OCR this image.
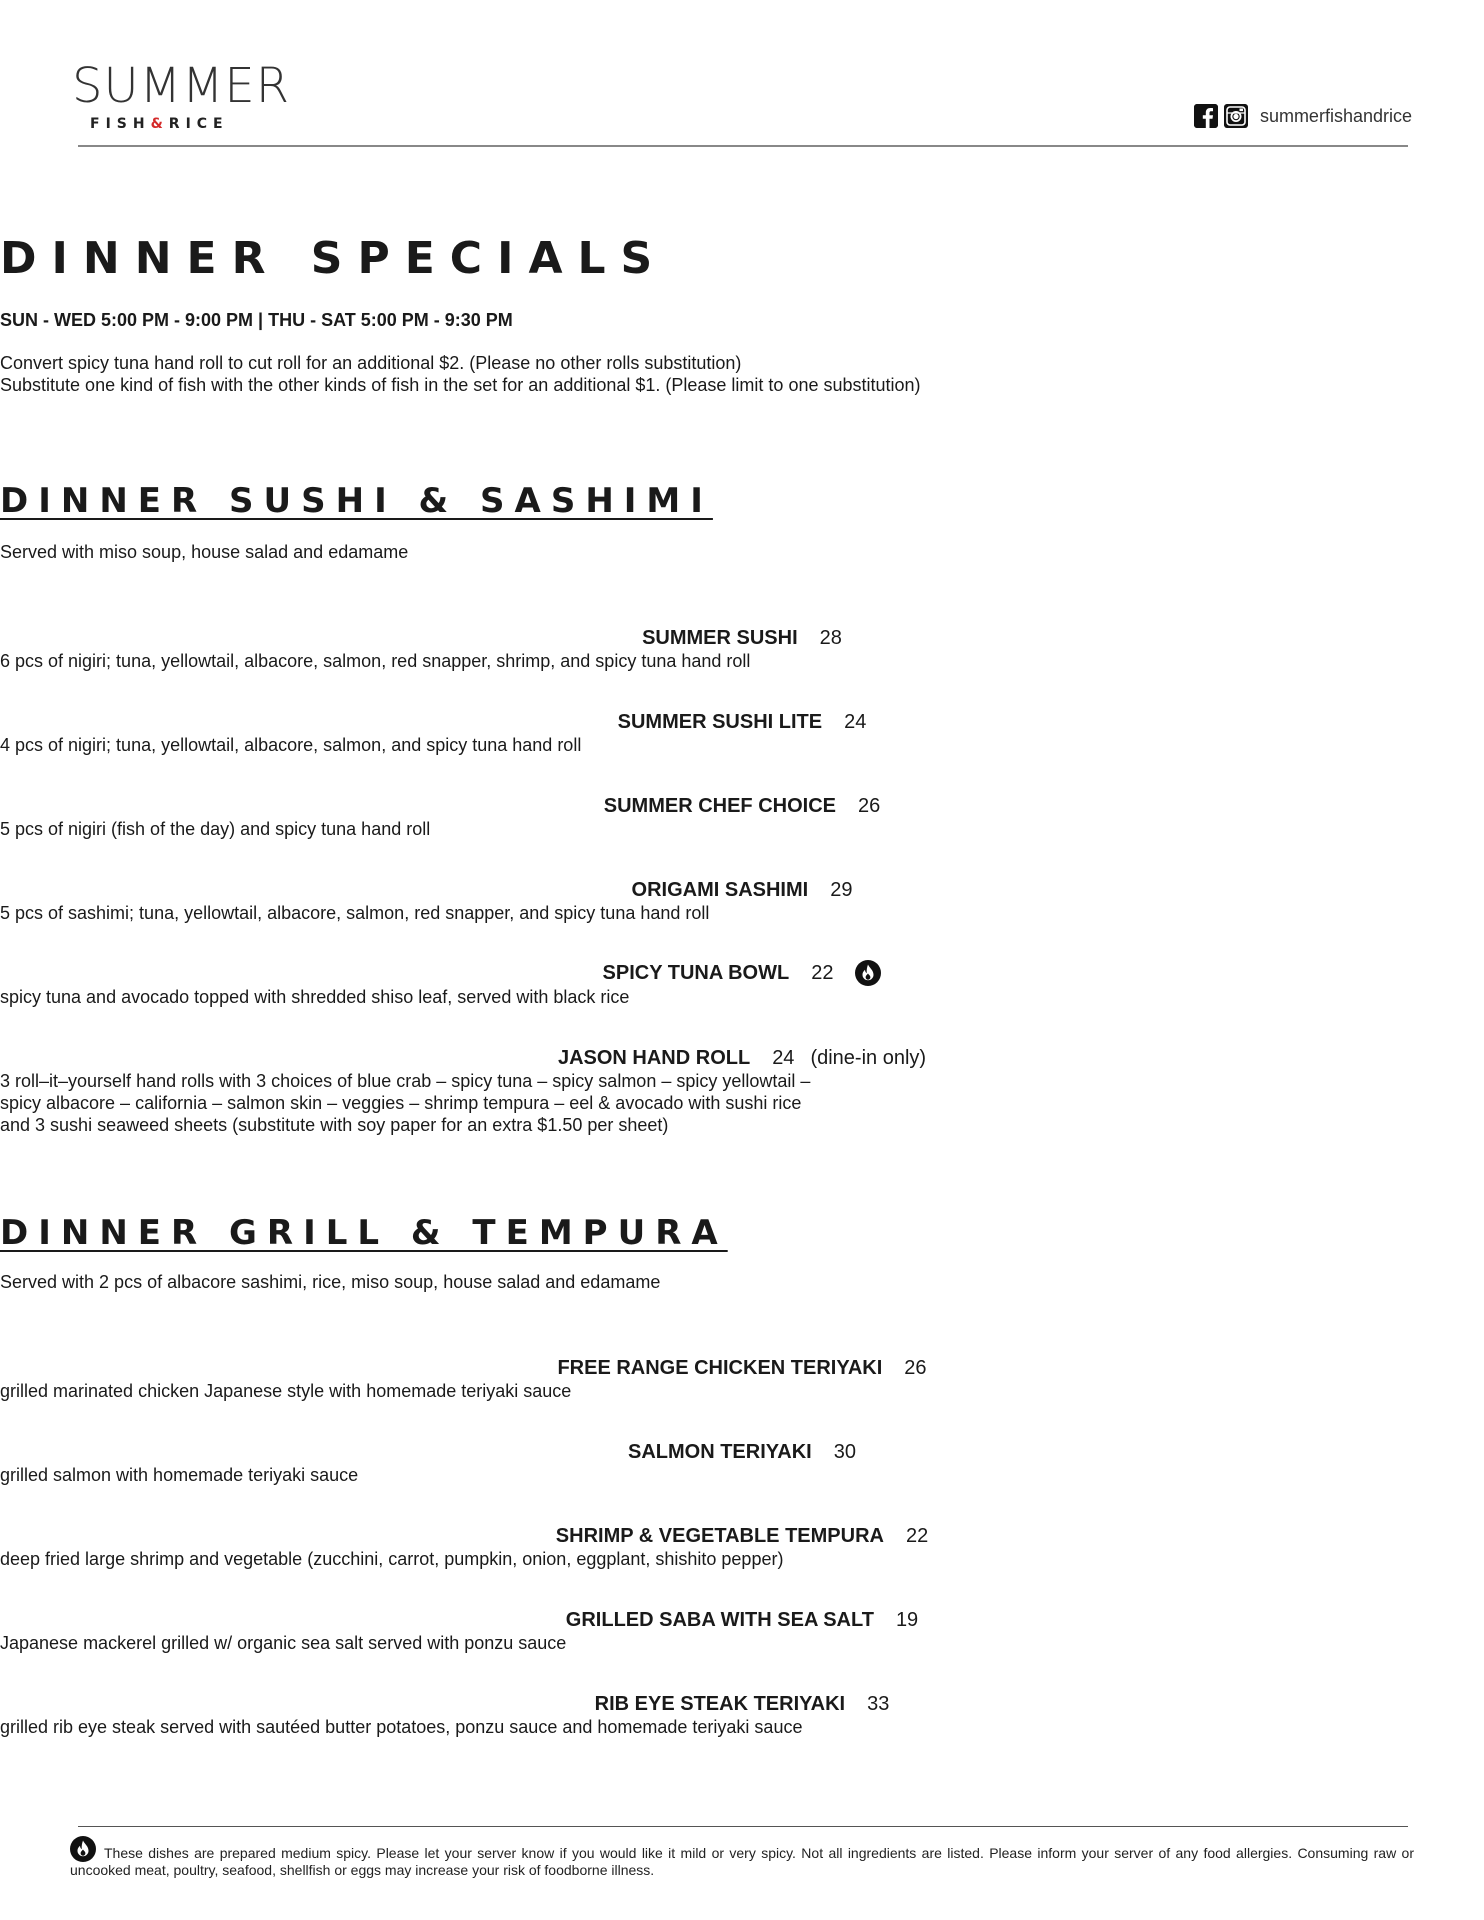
SUMMER
FISH&RICE	summerfishandrice
DINNER SPECIALS
SUN - WED 5:00 PM - 9:00 PM | THU - SAT 5:00 PM - 9:30 PM
Convert spicy tuna hand roll to cut roll for an additional $2. (Please no other rolls substitution)
Substitute one kind of fish with the other kinds of fish in the set for an additional $1. (Please limit to one substitution)
DINNER SUSHI & SASHIMI
Served with miso soup, house salad and edamame
SUMMER SUSHI 28
6 pcs of nigiri; tuna, yellowtail, albacore, salmon, red snapper, shrimp, and spicy tuna hand roll
SUMMER SUSHI LITE 24
4 pcs of nigiri; tuna, yellowtail, albacore, salmon, and spicy tuna hand roll
SUMMER CHEF CHOICE 26
5 pcs of nigiri (fish of the day) and spicy tuna hand roll
ORIGAMI SASHIMI 29
5 pcs of sashimi; tuna, yellowtail, albacore, salmon, red snapper, and spicy tuna hand roll
SPICY TUNA BOWL 22
spicy tuna and avocado topped with shredded shiso leaf, served with black rice
JASON HAND ROLL 24 (dine-in only)
3 roll–it–yourself hand rolls with 3 choices of blue crab – spicy tuna – spicy salmon – spicy yellowtail –
spicy albacore – california – salmon skin – veggies – shrimp tempura – eel & avocado with sushi rice
and 3 sushi seaweed sheets (substitute with soy paper for an extra $1.50 per sheet)
DINNER GRILL & TEMPURA
Served with 2 pcs of albacore sashimi, rice, miso soup, house salad and edamame
FREE RANGE CHICKEN TERIYAKI 26
grilled marinated chicken Japanese style with homemade teriyaki sauce
SALMON TERIYAKI 30
grilled salmon with homemade teriyaki sauce
SHRIMP & VEGETABLE TEMPURA 22
deep fried large shrimp and vegetable (zucchini, carrot, pumpkin, onion, eggplant, shishito pepper)
GRILLED SABA WITH SEA SALT 19
Japanese mackerel grilled w/ organic sea salt served with ponzu sauce
RIB EYE STEAK TERIYAKI 33
grilled rib eye steak served with sautéed butter potatoes, ponzu sauce and homemade teriyaki sauce
These dishes are prepared medium spicy. Please let your server know if you would like it mild or very spicy. Not all ingredients are listed. Please inform your server of any food allergies. Consuming raw or uncooked meat, poultry, seafood, shellfish or eggs may increase your risk of foodborne illness.
